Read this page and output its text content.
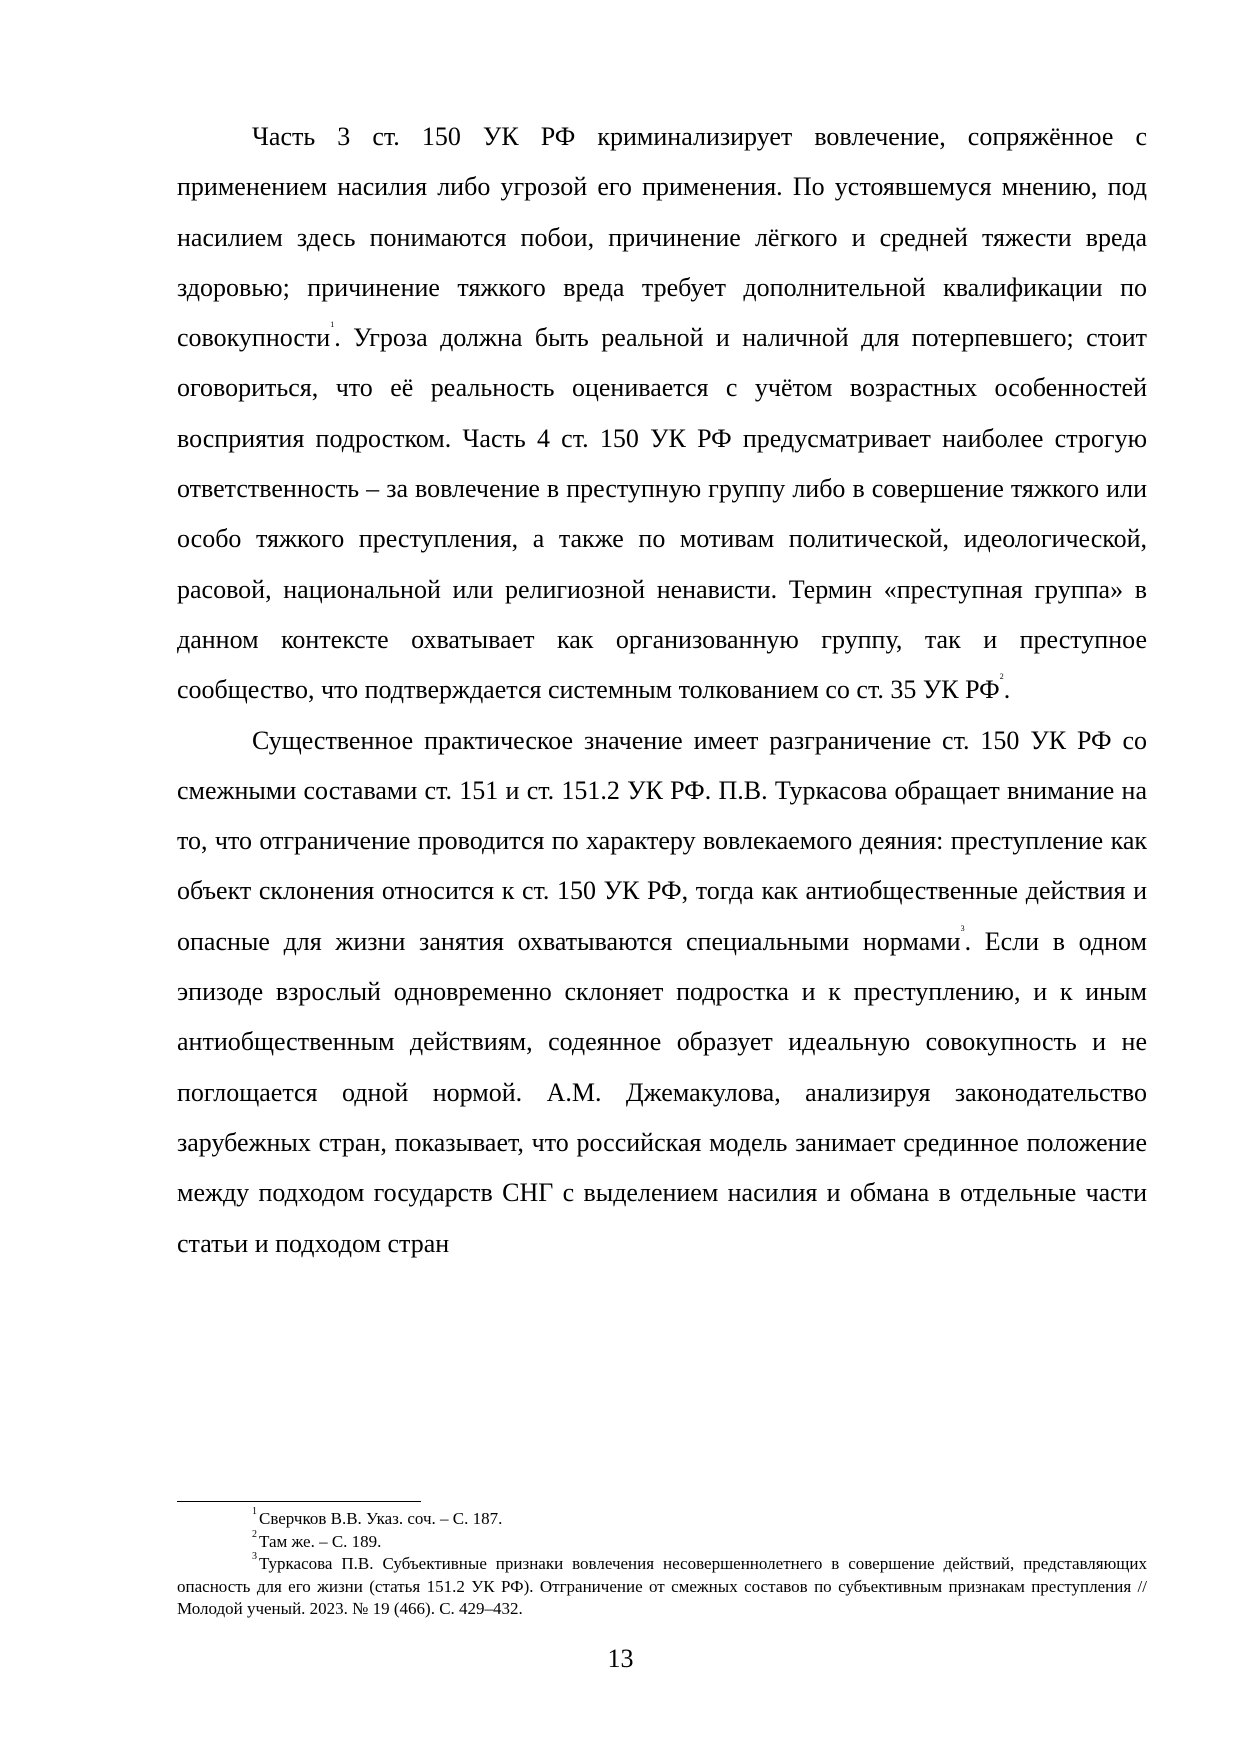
Часть 3 ст. 150 УК РФ криминализирует вовлечение, сопряжённое с применением насилия либо угрозой его применения. По устоявшемуся мнению, под насилием здесь понимаются побои, причинение лёгкого и средней тяжести вреда здоровью; причинение тяжкого вреда требует дополнительной квалификации по совокупности$^1$. Угроза должна быть реальной и наличной для потерпевшего; стоит оговориться, что её реальность оценивается с учётом возрастных особенностей восприятия подростком. Часть 4 ст. 150 УК РФ предусматривает наиболее строгую ответственность – за вовлечение в преступную группу либо в совершение тяжкого или особо тяжкого преступления, а также по мотивам политической, идеологической, расовой, национальной или религиозной ненависти. Термин «преступная группа» в данном контексте охватывает как организованную группу, так и преступное сообщество, что подтверждается системным толкованием со ст. 35 УК $РФ^2$.

Существенное практическое значение имеет разграничение ст. 150 УК РФ со смежными составами ст. 151 и ст. 151.2 УК РФ. П.В. Туркасова обращает внимание на то, что отграничение проводится по характеру вовлекаемого деяния: преступление как объект склонения относится к ст. 150 УК РФ, тогда как антиобщественные действия и опасные для жизни занятия охватываются специальными нормами$^3$. Если в одном эпизоде взрослый одновременно склоняет подростка и к преступлению, и к иным антиобщественным действиям, содеянное образует идеальную совокупность и не поглощается одной нормой. А.М. Джемакулова, анализируя законодательство зарубежных стран, показывает, что российская модель занимает срединное положение между подходом государств СНГ с выделением насилия и обмана в отдельные части статьи и подходом стран

$^1$ Сверчков В.В. Указ. соч. – С. 187.

$^2$ Там же. – С. 189.

$^3$ Туркасова П.В. Субъективные признаки вовлечения несовершеннолетнего в совершение действий, представляющих опасность для его жизни (статья 151.2 УК РФ). Отграничение от смежных составов по субъективным признакам преступления // Молодой ученый. 2023. № 19 (466). С. 429–432.

13
